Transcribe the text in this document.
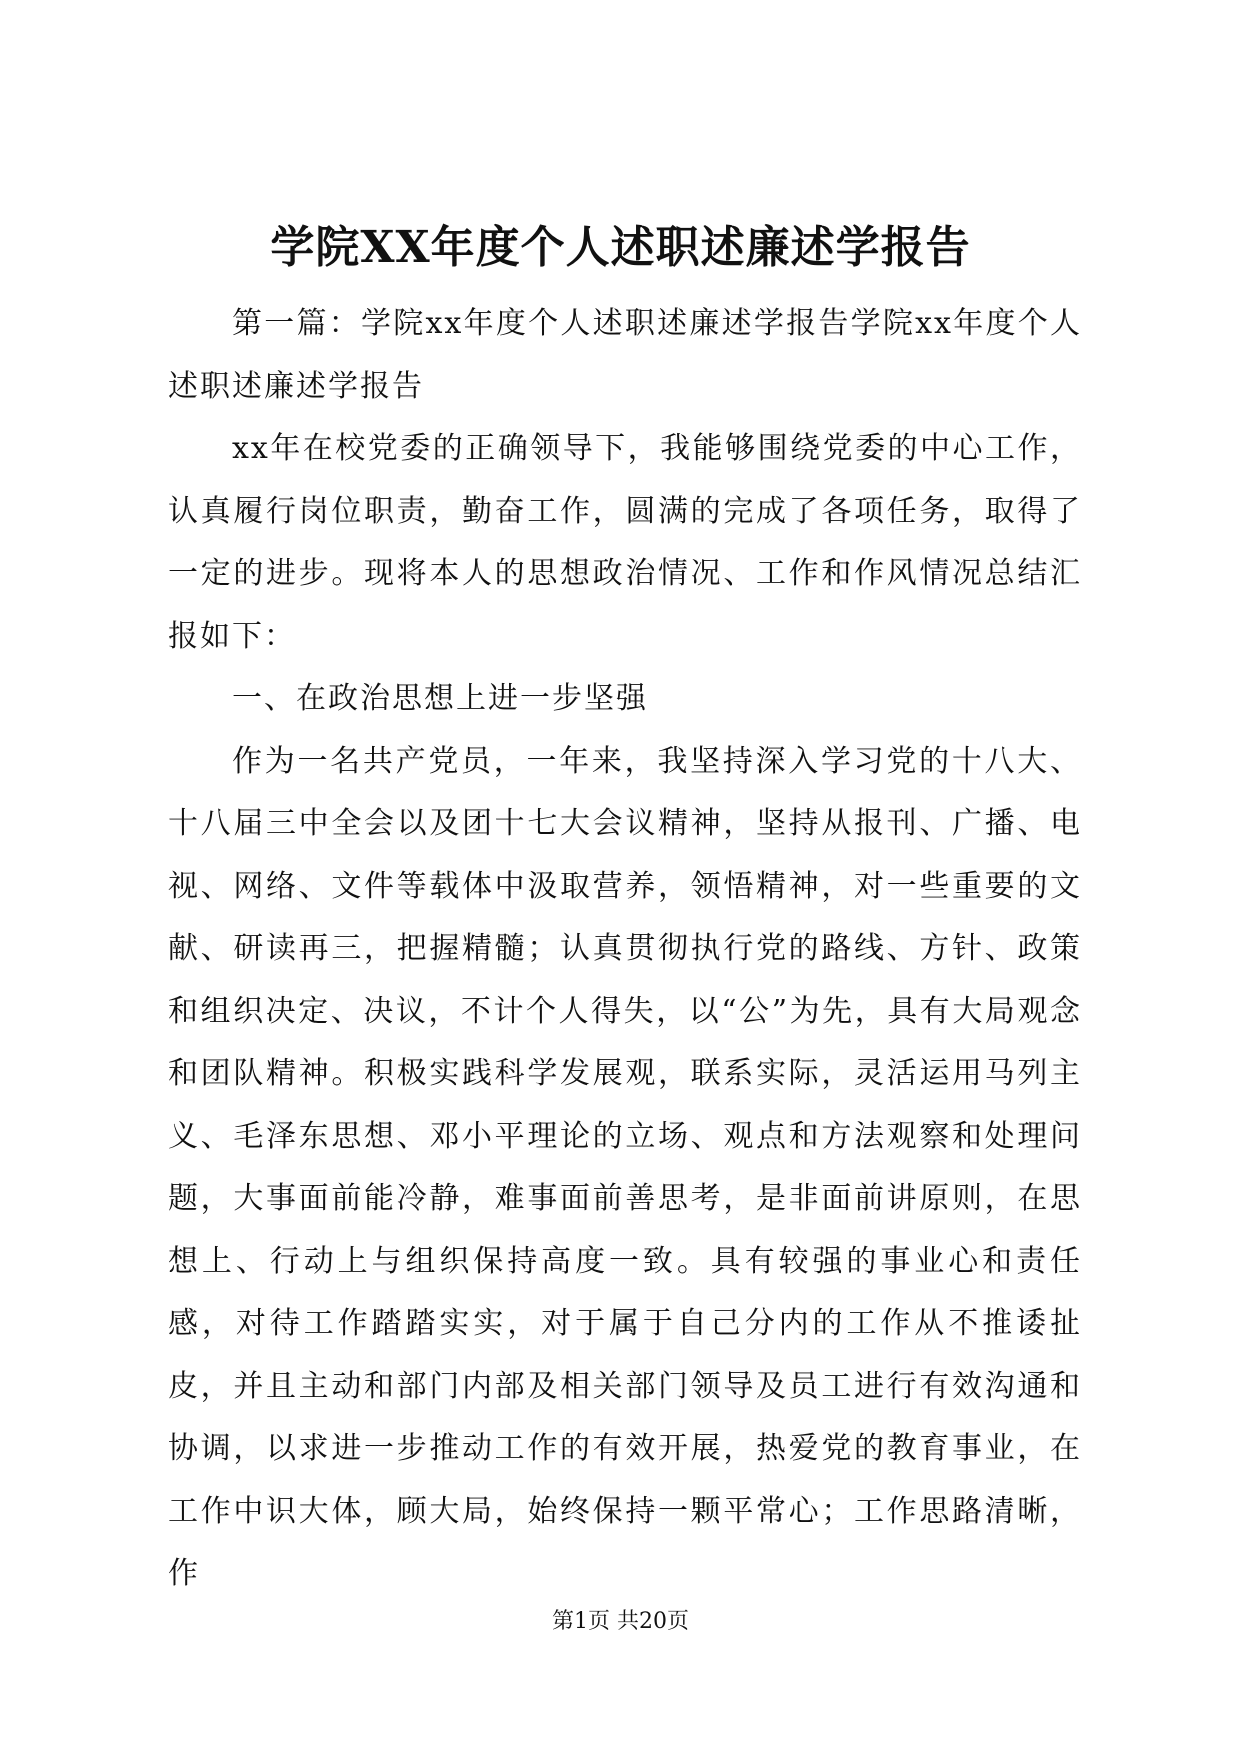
学院XX年度个人述职述廉述学报告

第一篇：学院xx年度个人述职述廉述学报告学院xx年度个人述职述廉述学报告

xx年在校党委的正确领导下，我能够围绕党委的中心工作，认真履行岗位职责，勤奋工作，圆满的完成了各项任务，取得了一定的进步。现将本人的思想政治情况、工作和作风情况总结汇报如下：

一、在政治思想上进一步坚强

作为一名共产党员，一年来，我坚持深入学习党的十八大、十八届三中全会以及团十七大会议精神，坚持从报刊、广播、电视、网络、文件等载体中汲取营养，领悟精神，对一些重要的文献、研读再三，把握精髓；认真贯彻执行党的路线、方针、政策和组织决定、决议，不计个人得失，以“公”为先，具有大局观念和团队精神。积极实践科学发展观，联系实际，灵活运用马列主义、毛泽东思想、邓小平理论的立场、观点和方法观察和处理问题，大事面前能冷静，难事面前善思考，是非面前讲原则，在思想上、行动上与组织保持高度一致。具有较强的事业心和责任感，对待工作踏踏实实，对于属于自己分内的工作从不推诿扯皮，并且主动和部门内部及相关部门领导及员工进行有效沟通和协调，以求进一步推动工作的有效开展，热爱党的教育事业，在工作中识大体，顾大局，始终保持一颗平常心；工作思路清晰，作

第1页 共20页
